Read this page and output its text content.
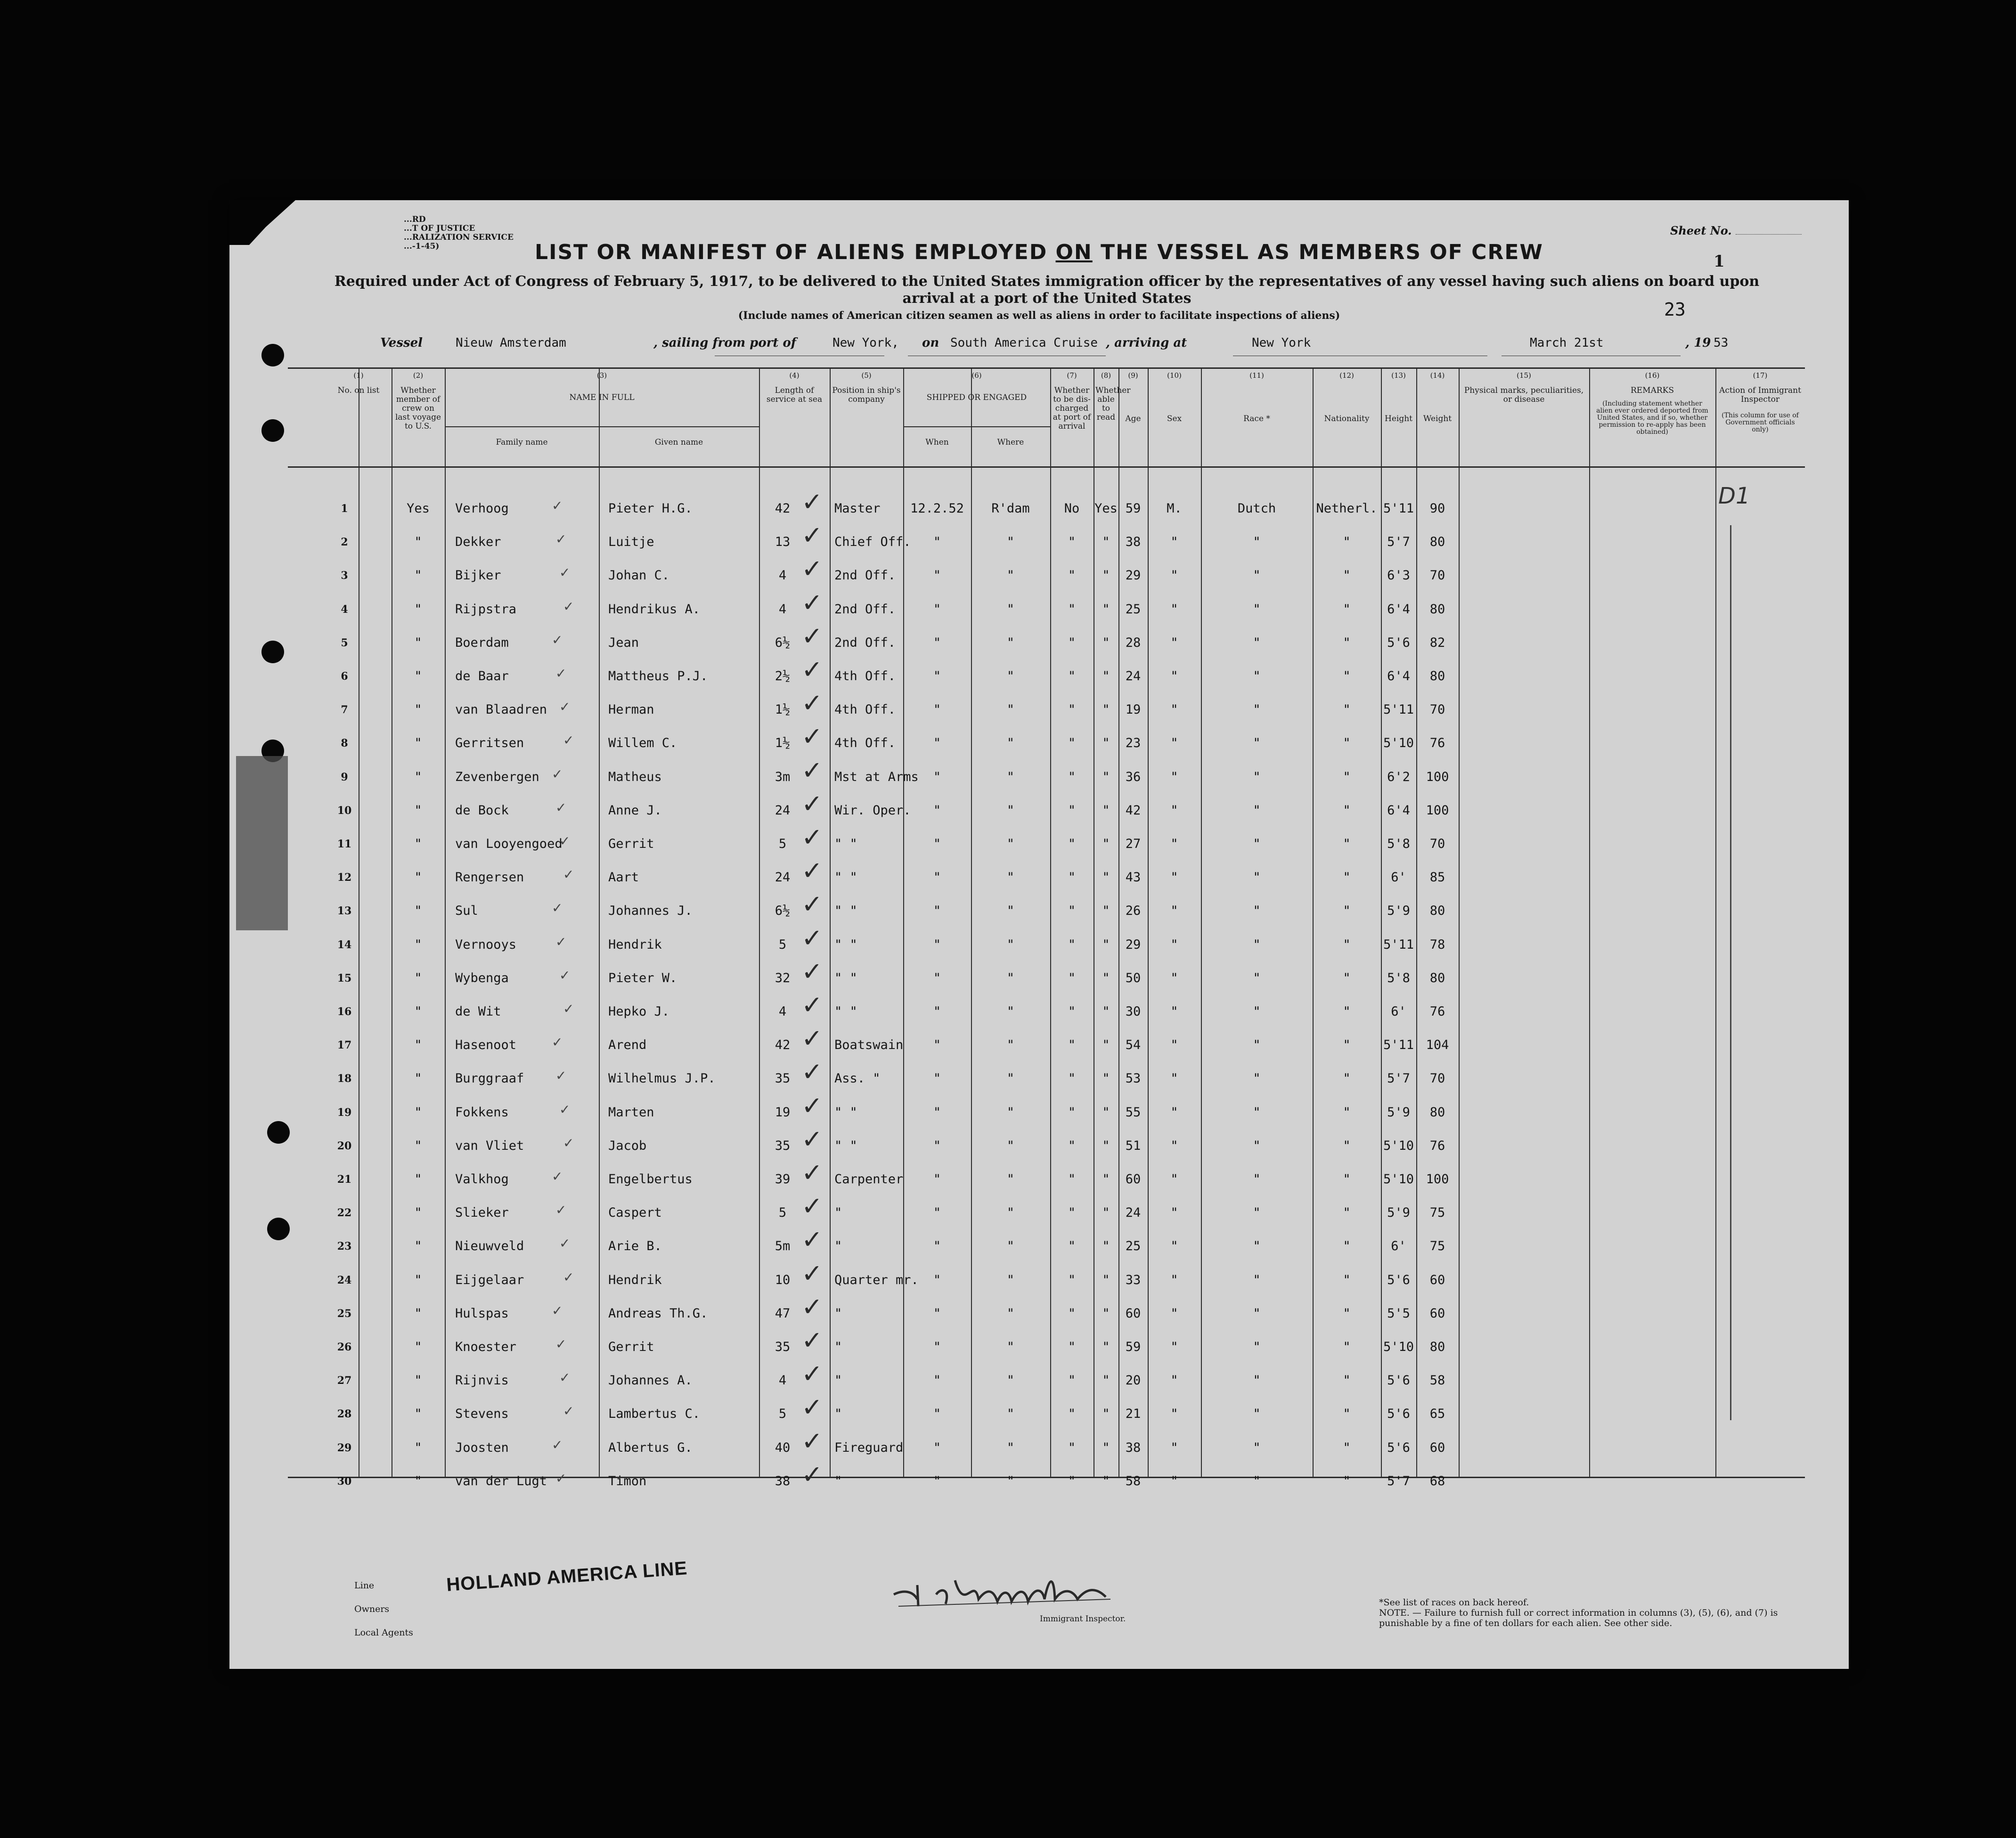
...RD
...T OF JUSTICE
...RALIZATION SERVICE
...-1-45)
Sheet No.
1
23
LIST OR MANIFEST OF ALIENS EMPLOYED ON THE VESSEL AS MEMBERS OF CREW
Required under Act of Congress of February 5, 1917, to be delivered to the United States immigration officer by the representatives of any vessel having such aliens on board upon arrival at a port of the United States
(Include names of American citizen seamen as well as aliens in order to facilitate inspections of aliens)
Vessel	Nieuw Amsterdam	, sailing from port of	New York, on South America Cruise , arriving at	New York	March 21st	, 19 53
(1)
No. on list
(2)
Whether member of crew on last voyage to U.S.
(3)
NAME IN FULL
(4)
Length of service at sea
(5)
Position in ship's company
(6)
SHIPPED OR ENGAGED
(7)
Whether to be dis-charged at port of arrival
(8)
Whether able to read
(9)
Age
(10)
Sex
(11)
Race *
(12)
Nationality
(13)
Height
(14)
Weight
(15)
Physical marks, peculiarities, or disease
(16)
REMARKS
(17)
Action of Immigrant Inspector
Family name	Given name	When	Where
(Including statement whether alien ever ordered deported from United States, and if so, whether permission to re-apply has been obtained)
(This column for use of Government officials only)
1	Yes	Verhoog	Pieter H.G.	42	Master	12.2.52	R'dam	No	Yes 59	M.	Dutch	Netherl. 5'11	90
✓
✓
2	"	Dekker	Luitje	13	Chief Off.	"	"	"	"	38	"	"	"	5'7	80
✓
✓
3	"	Bijker	Johan C.	4	2nd Off.	"	"	"	"	29	"	"	"	6'3	70
✓
✓
4	"	Rijpstra	Hendrikus A.	4	2nd Off.	"	"	"	"	25	"	"	"	6'4	80
✓
✓
5	"	Boerdam	Jean	6½	2nd Off.	"	"	"	"	28	"	"	"	5'6	82
✓
✓
6	"	de Baar	Mattheus P.J.	2½	4th Off.	"	"	"	"	24	"	"	"	6'4	80
✓
✓
7	"	van Blaadren	Herman	1½	4th Off.	"	"	"	"	19	"	"	"	5'11	70
✓
✓
8	"	Gerritsen	Willem C.	1½	4th Off.	"	"	"	"	23	"	"	"	5'10	76
✓
✓
9	"	Zevenbergen	Matheus	3m	Mst at Arms	"	"	"	"	36	"	"	"	6'2	100
✓
✓
10	"	de Bock	Anne J.	24	Wir. Oper.	"	"	"	"	42	"	"	"	6'4	100
✓
✓
11	"	van Looyengoed	Gerrit	5	" "	"	"	"	"	27	"	"	"	5'8	70
✓
✓
12	"	Rengersen	Aart	24	" "	"	"	"	"	43	"	"	"	6'	85
✓
✓
13	"	Sul	Johannes J.	6½	" "	"	"	"	"	26	"	"	"	5'9	80
✓
✓
14	"	Vernooys	Hendrik	5	" "	"	"	"	"	29	"	"	"	5'11	78
✓
✓
15	"	Wybenga	Pieter W.	32	" "	"	"	"	"	50	"	"	"	5'8	80
✓
✓
16	"	de Wit	Hepko J.	4	" "	"	"	"	"	30	"	"	"	6'	76
✓
✓
17	"	Hasenoot	Arend	42	Boatswain	"	"	"	"	54	"	"	"	5'11 104
✓
✓
18	"	Burggraaf	Wilhelmus J.P.	35	Ass. "	"	"	"	"	53	"	"	"	5'7	70
✓
✓
19	"	Fokkens	Marten	19	" "	"	"	"	"	55	"	"	"	5'9	80
✓
✓
20	"	van Vliet	Jacob	35	" "	"	"	"	"	51	"	"	"	5'10	76
✓
✓
21	"	Valkhog	Engelbertus	39	Carpenter	"	"	"	"	60	"	"	"	5'10 100
✓
✓
22	"	Slieker	Caspert	5	"	"	"	"	"	24	"	"	"	5'9	75
✓
✓
23	"	Nieuwveld	Arie B.	5m	"	"	"	"	"	25	"	"	"	6'	75
✓
✓
24	"	Eijgelaar	Hendrik	10	Quarter mr.	"	"	"	"	33	"	"	"	5'6	60
✓
✓
25	"	Hulspas	Andreas Th.G.	47	"	"	"	"	"	60	"	"	"	5'5	60
✓
✓
26	"	Knoester	Gerrit	35	"	"	"	"	"	59	"	"	"	5'10	80
✓
✓
27	"	Rijnvis	Johannes A.	4	"	"	"	"	"	20	"	"	"	5'6	58
✓
✓
28	"	Stevens	Lambertus C.	5	"	"	"	"	"	21	"	"	"	5'6	65
✓
✓
29	"	Joosten	Albertus G.	40	Fireguard	"	"	"	"	38	"	"	"	5'6	60
✓
✓
30	"	van der Lugt	Timon	38	"	"	"	"	"	58	"	"	"	5'7	68
✓
✓
Line
Owners
Local Agents
HOLLAND AMERICA LINE
Immigrant Inspector.
*See list of races on back hereof.
NOTE. — Failure to furnish full or correct information in columns (3), (5), (6), and (7) is punishable by a fine of ten dollars for each alien. See other side.
D1
